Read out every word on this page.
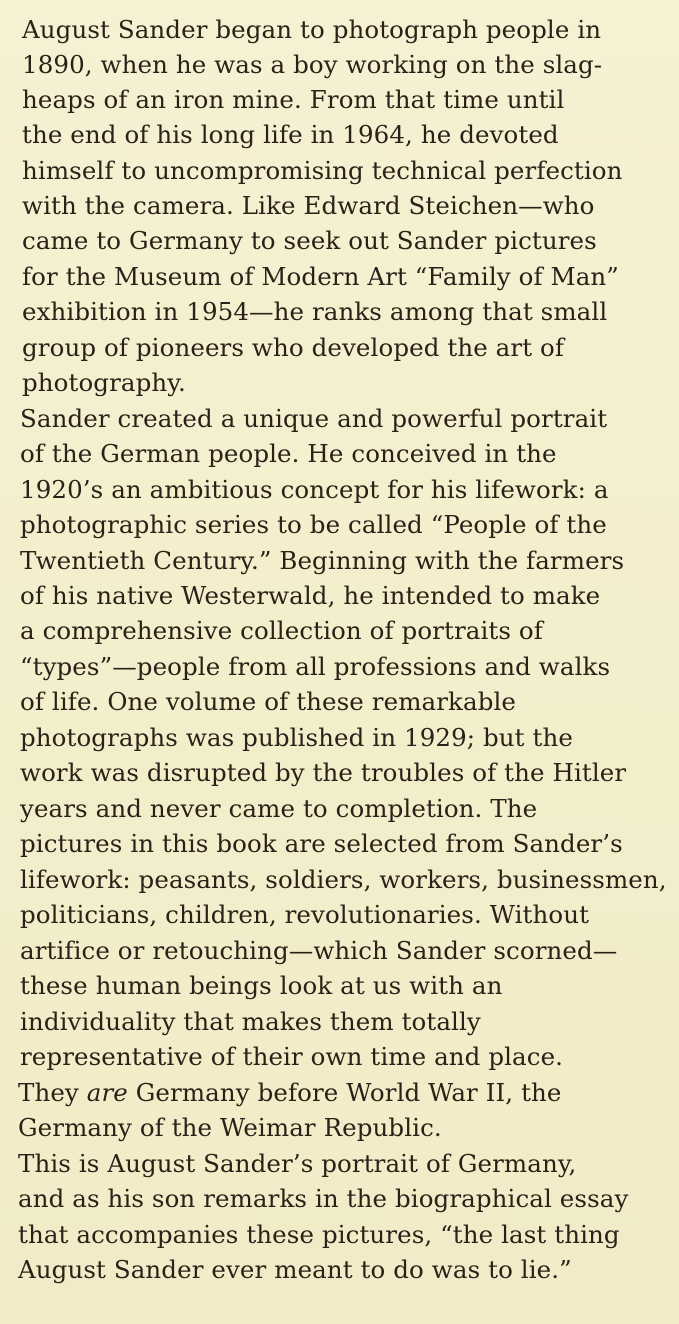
August Sander began to photograph people in
1890, when he was a boy working on the slag-
heaps of an iron mine. From that time until
the end of his long life in 1964, he devoted
himself to uncompromising technical perfection
with the camera. Like Edward Steichen—who
came to Germany to seek out Sander pictures
for the Museum of Modern Art “Family of Man”
exhibition in 1954—he ranks among that small
group of pioneers who developed the art of
photography.
Sander created a unique and powerful portrait
of the German people. He conceived in the
1920’s an ambitious concept for his lifework: a
photographic series to be called “People of the
Twentieth Century.” Beginning with the farmers
of his native Westerwald, he intended to make
a comprehensive collection of portraits of
“types”—people from all professions and walks
of life. One volume of these remarkable
photographs was published in 1929; but the
work was disrupted by the troubles of the Hitler
years and never came to completion. The
pictures in this book are selected from Sander’s
lifework: peasants, soldiers, workers, businessmen,
politicians, children, revolutionaries. Without
artifice or retouching—which Sander scorned—
these human beings look at us with an
individuality that makes them totally
representative of their own time and place.
They are Germany before World War II, the
Germany of the Weimar Republic.
This is August Sander’s portrait of Germany,
and as his son remarks in the biographical essay
that accompanies these pictures, “the last thing
August Sander ever meant to do was to lie.”
